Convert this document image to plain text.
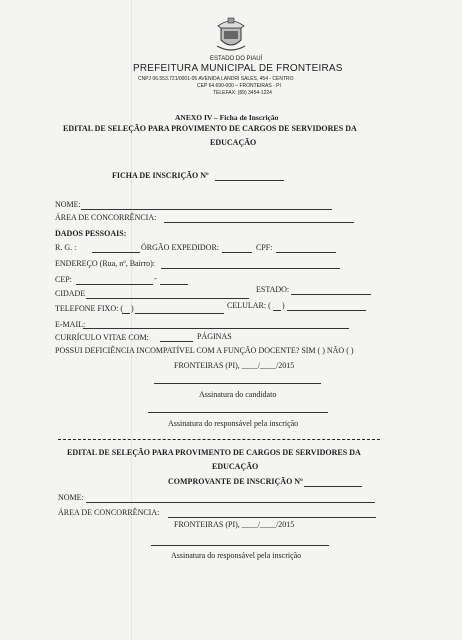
ESTADO DO PIAUÍ
PREFEITURA MUNICIPAL DE FRONTEIRAS
CNPJ 06.553.721/0001-05 AVENIDA LANDRI SALES, 454 - CENTRO
CEP 64.690-000 – FRONTEIRAS - PI
TELEFAX: (89) 3454-1224
ANEXO IV – Ficha de Inscrição
EDITAL DE SELEÇÃO PARA PROVIMENTO DE CARGOS DE SERVIDORES DA
EDUCAÇÃO
FICHA DE INSCRIÇÃO Nº
NOME:
ÁREA DE CONCORRÊNCIA:
DADOS PESSOAIS:
R. G. :	ÓRGÃO EXPEDIDOR:	CPF:
ENDEREÇO (Rua, nº, Bairro):
CEP:	-
CIDADE	ESTADO:
TELEFONE FIXO: ( )	CELULAR: ( )
E-MAIL:
CURRÍCULO VITAE COM:	PÁGINAS
POSSUI DEFICIÊNCIA INCOMPATÍVEL COM A FUNÇÃO DOCENTE? SIM ( ) NÃO ( )
FRONTEIRAS (PI), ____/____/2015
Assinatura do candidato
Assinatura do responsável pela inscrição
EDITAL DE SELEÇÃO PARA PROVIMENTO DE CARGOS DE SERVIDORES DA
EDUCAÇÃO
COMPROVANTE DE INSCRIÇÃO Nº
NOME:
ÁREA DE CONCORRÊNCIA:
FRONTEIRAS (PI), ____/____/2015
Assinatura do responsável pela inscrição
